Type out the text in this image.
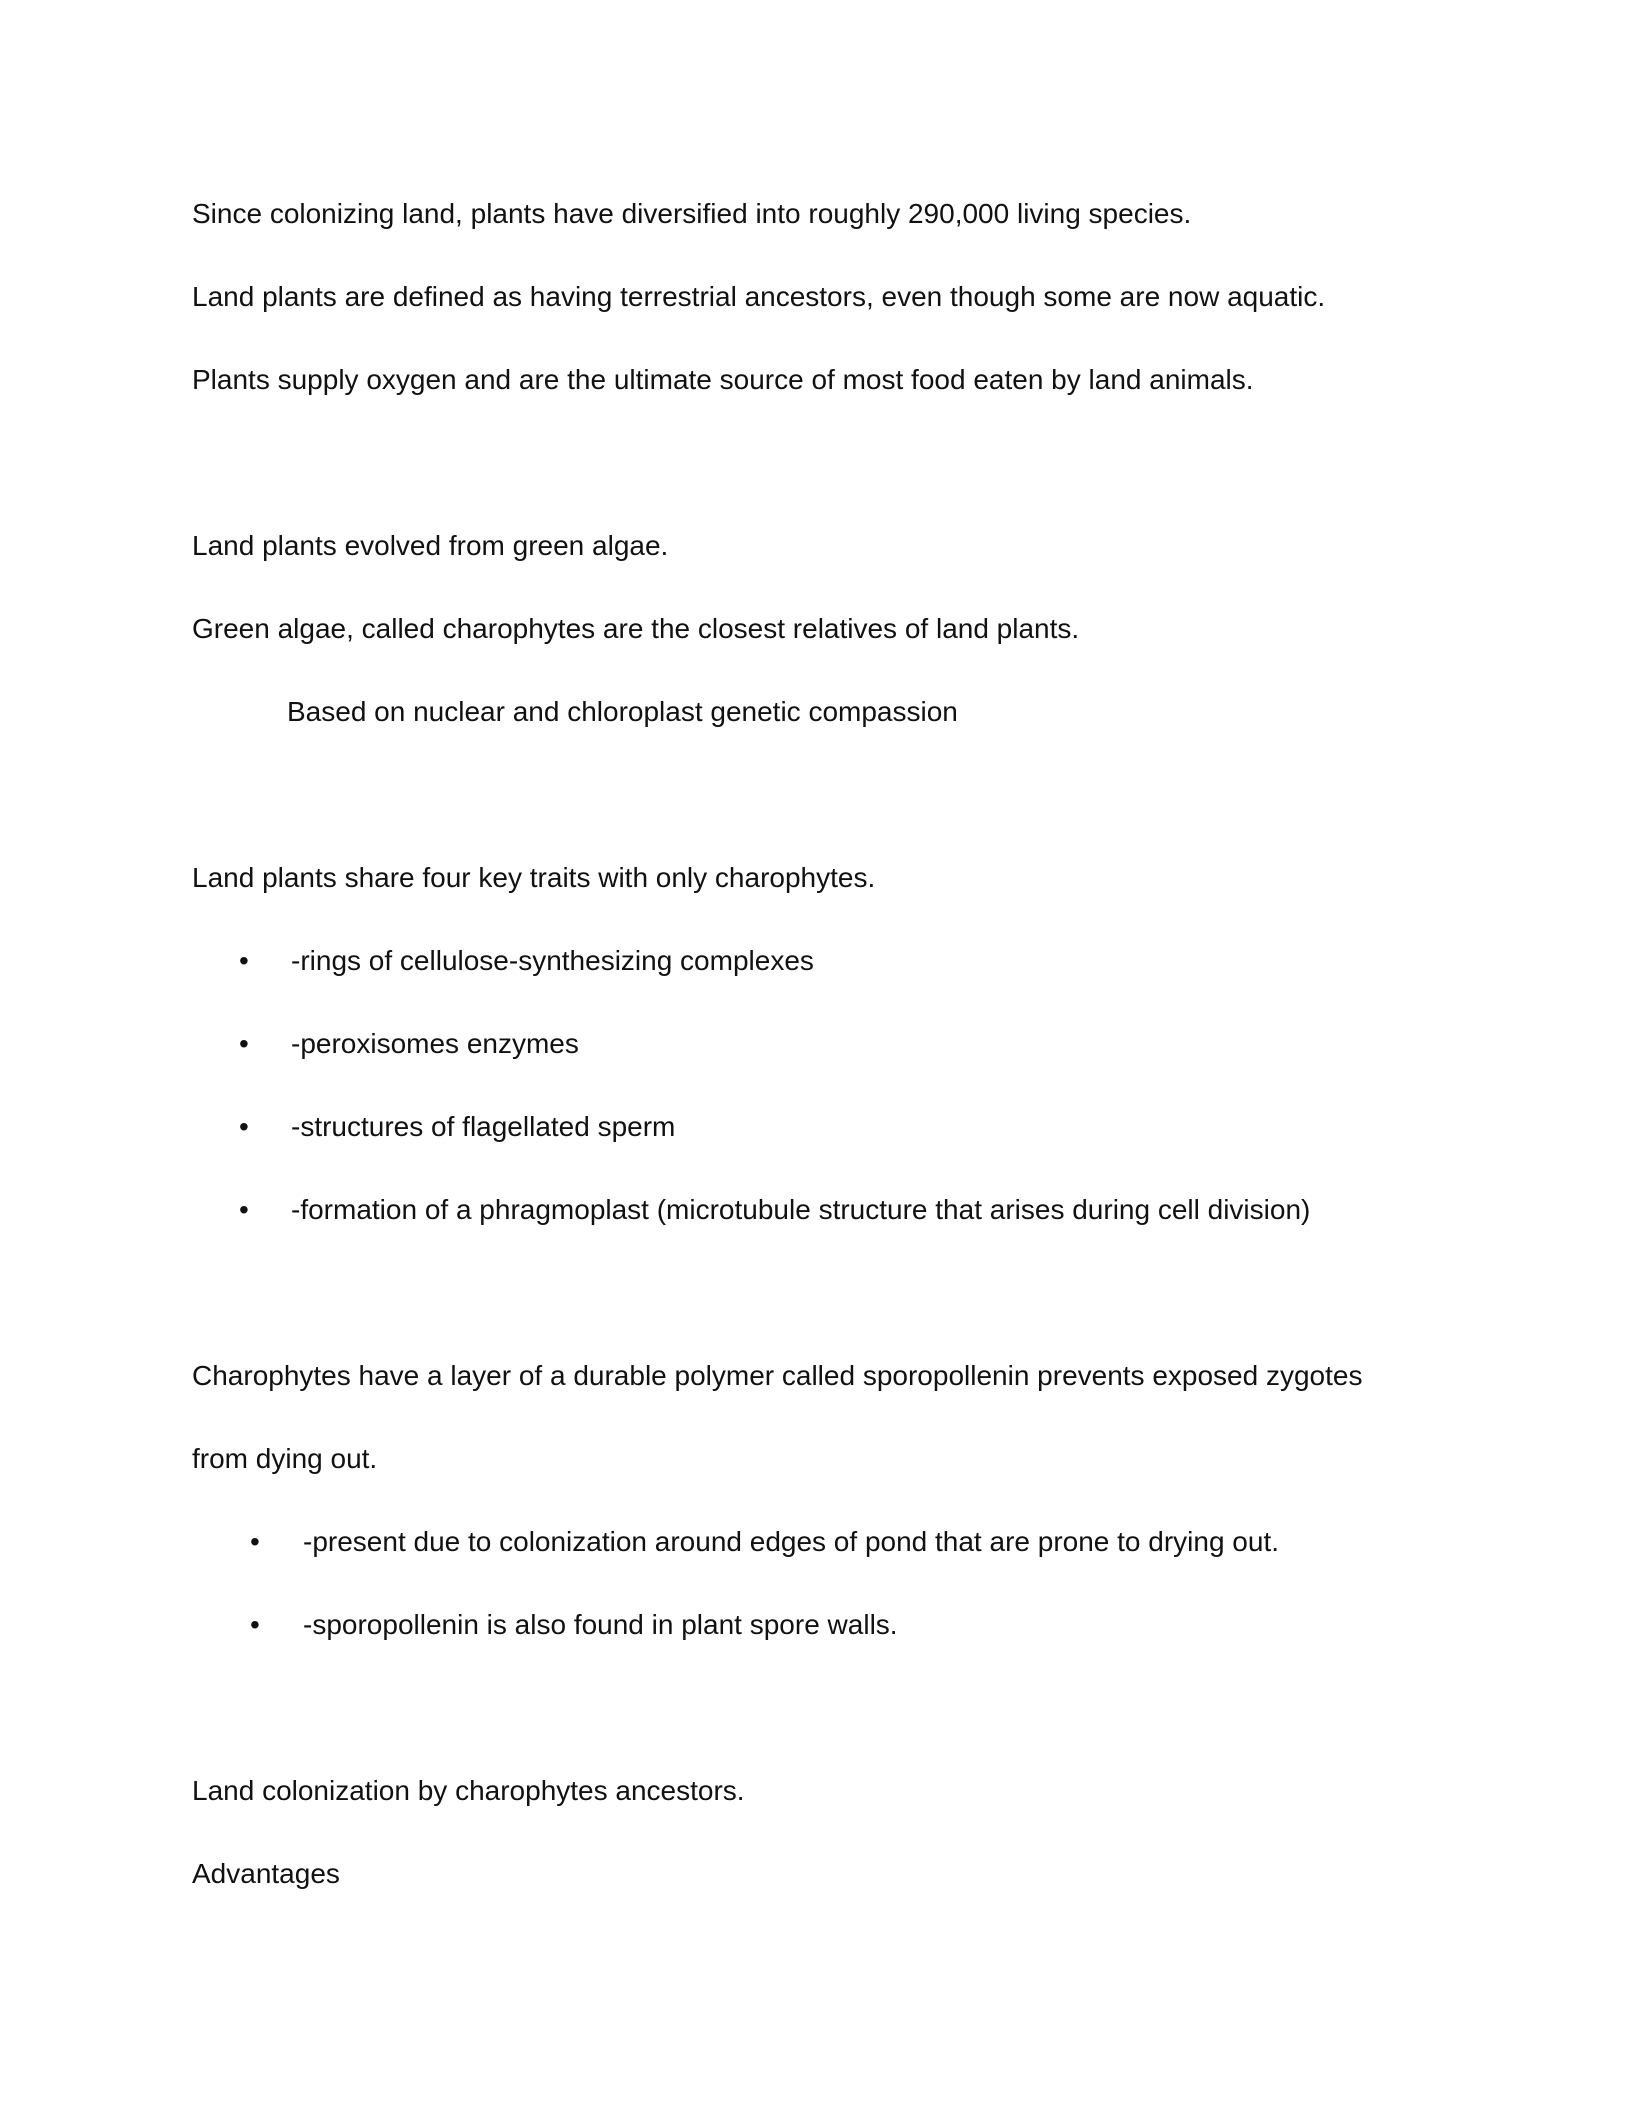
Since colonizing land, plants have diversified into roughly 290,000 living species.

Land plants are defined as having terrestrial ancestors, even though some are now aquatic.

Plants supply oxygen and are the ultimate source of most food eaten by land animals.

Land plants evolved from green algae.

Green algae, called charophytes are the closest relatives of land plants.

Based on nuclear and chloroplast genetic compassion

Land plants share four key traits with only charophytes.

• -rings of cellulose-synthesizing complexes
• -peroxisomes enzymes
• -structures of flagellated sperm
• -formation of a phragmoplast (microtubule structure that arises during cell division)

Charophytes have a layer of a durable polymer called sporopollenin prevents exposed zygotes

from dying out.

• -present due to colonization around edges of pond that are prone to drying out.
• -sporopollenin is also found in plant spore walls.

Land colonization by charophytes ancestors.

Advantages
